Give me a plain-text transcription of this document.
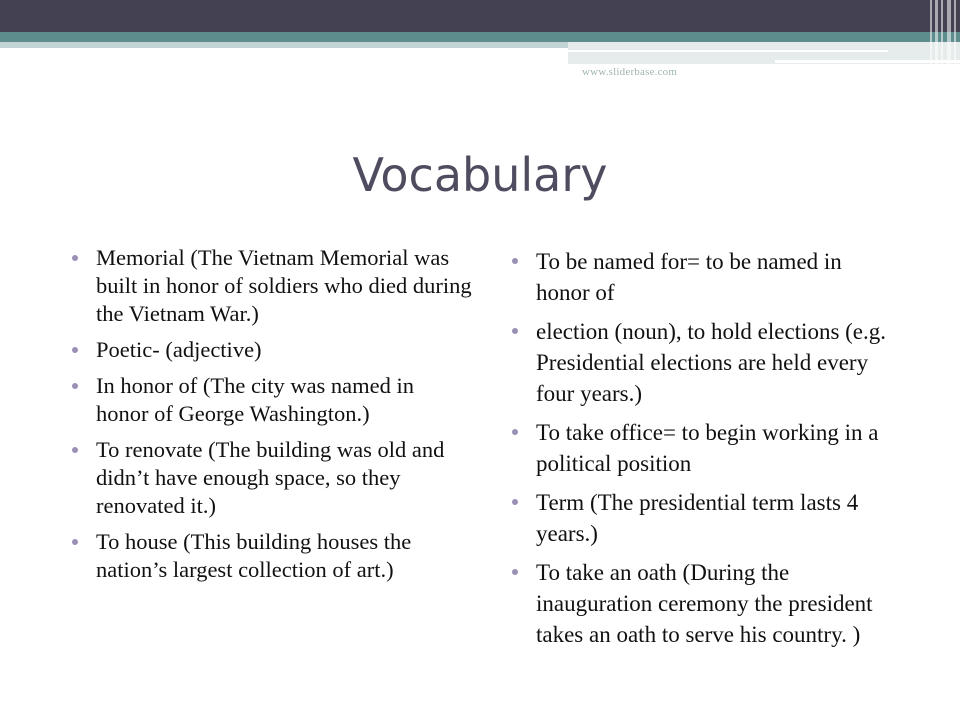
www.sliderbase.com
Vocabulary
Memorial (The Vietnam Memorial was built in honor of soldiers who died during the Vietnam War.)
Poetic- (adjective)
In honor of (The city was named in honor of George Washington.)
To renovate (The building was old and didn’t have enough space, so they renovated it.)
To house (This building houses the nation’s largest collection of art.)
To be named for= to be named in honor of
election (noun), to hold elections (e.g. Presidential elections are held every four years.)
To take office= to begin working in a political position
Term (The presidential term lasts 4 years.)
To take an oath (During the inauguration ceremony the president takes an oath to serve his country. )
